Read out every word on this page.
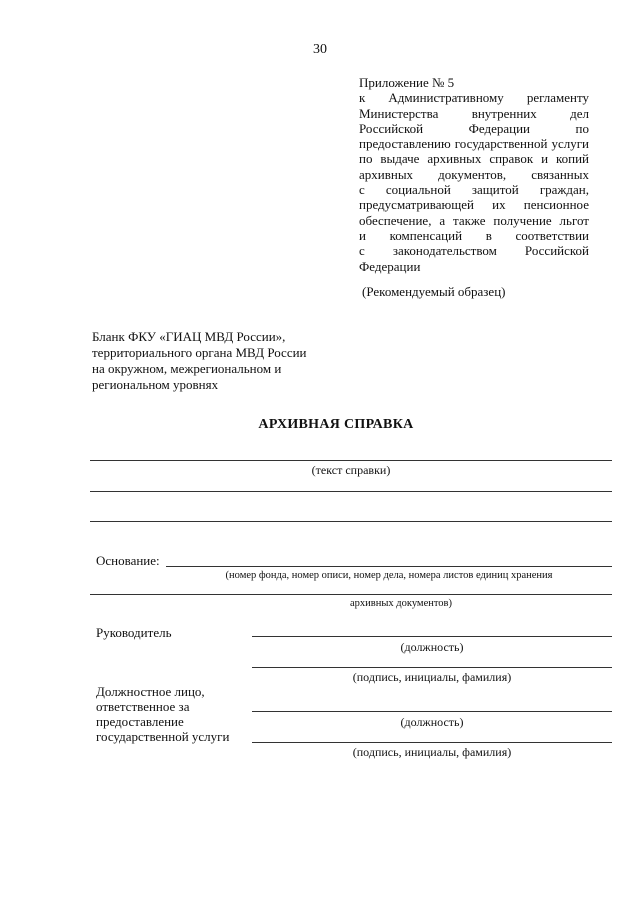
30
Приложение № 5
к Административному регламенту
Министерства внутренних дел
Российской Федерации по
предоставлению государственной услуги
по выдаче архивных справок и копий
архивных документов, связанных
с социальной защитой граждан,
предусматривающей их пенсионное
обеспечение, а также получение льгот
и компенсаций в соответствии
с законодательством Российской
Федерации
(Рекомендуемый образец)
Бланк ФКУ «ГИАЦ МВД России»,
территориального органа МВД России
на окружном, межрегиональном и
региональном уровнях
АРХИВНАЯ СПРАВКА
(текст справки)
Основание:
(номер фонда, номер описи, номер дела, номера листов единиц хранения
архивных документов)
Руководитель
(должность)
(подпись, инициалы, фамилия)
Должностное лицо,
ответственное за
предоставление
государственной услуги
(должность)
(подпись, инициалы, фамилия)
